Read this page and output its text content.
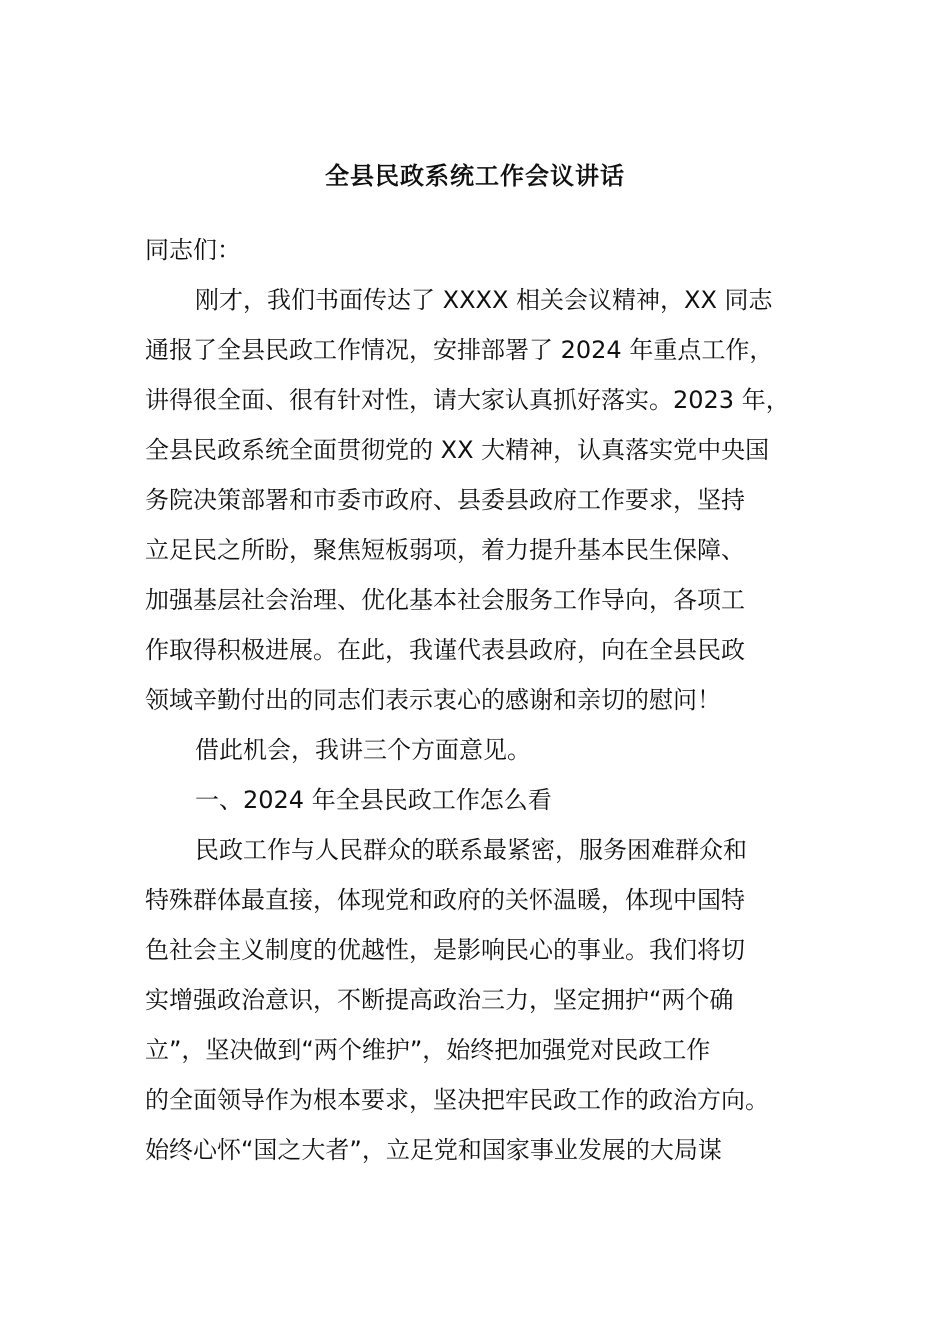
全县民政系统工作会议讲话

同志们：

刚才，我们书面传达了 XXXX 相关会议精神，XX 同志

通报了全县民政工作情况，安排部署了 2024 年重点工作，

讲得很全面、很有针对性，请大家认真抓好落实。2023 年，

全县民政系统全面贯彻党的 XX 大精神，认真落实党中央国

务院决策部署和市委市政府、县委县政府工作要求，坚持

立足民之所盼，聚焦短板弱项，着力提升基本民生保障、

加强基层社会治理、优化基本社会服务工作导向，各项工

作取得积极进展。在此，我谨代表县政府，向在全县民政

领域辛勤付出的同志们表示衷心的感谢和亲切的慰问！

借此机会，我讲三个方面意见。

一、2024 年全县民政工作怎么看

民政工作与人民群众的联系最紧密，服务困难群众和

特殊群体最直接，体现党和政府的关怀温暖，体现中国特

色社会主义制度的优越性，是影响民心的事业。我们将切

实增强政治意识，不断提高政治三力，坚定拥护“两个确

立”，坚决做到“两个维护”，始终把加强党对民政工作

的全面领导作为根本要求，坚决把牢民政工作的政治方向。

始终心怀“国之大者”，立足党和国家事业发展的大局谋
